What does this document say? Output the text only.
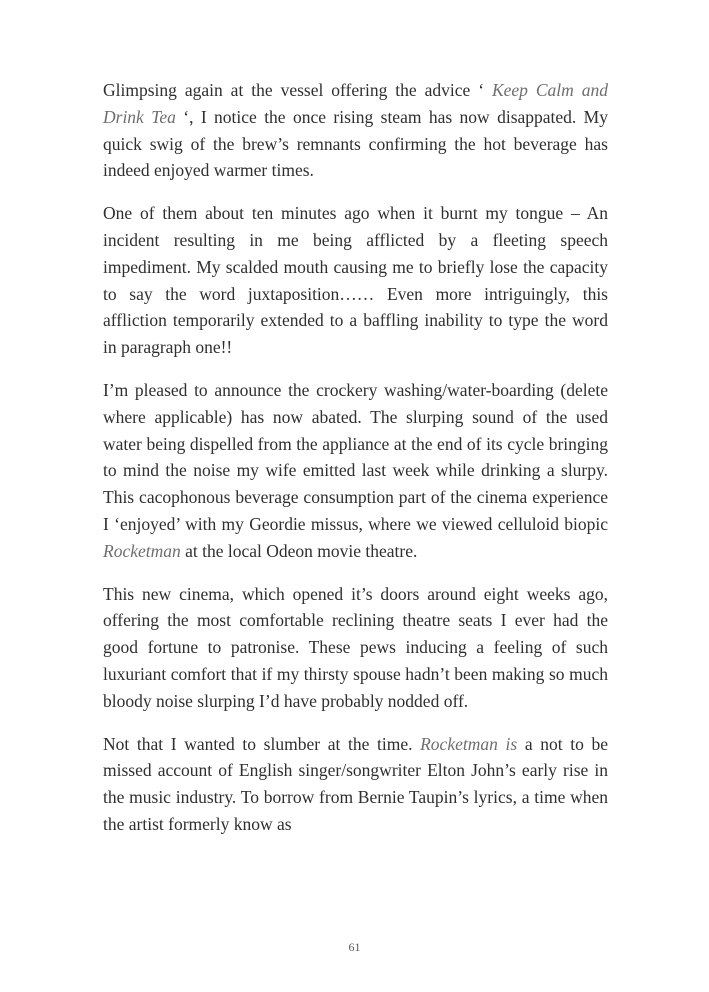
Glimpsing again at the vessel offering the advice ‘ Keep Calm and Drink Tea ‘, I notice the once rising steam has now disappated. My quick swig of the brew’s remnants confirming the hot beverage has indeed enjoyed warmer times.

One of them about ten minutes ago when it burnt my tongue – An incident resulting in me being afflicted by a fleeting speech impediment. My scalded mouth causing me to briefly lose the capacity to say the word juxtaposition…… Even more intriguingly, this affliction temporarily extended to a baffling inability to type the word in paragraph one!!

I’m pleased to announce the crockery washing/water-boarding (delete where applicable) has now abated. The slurping sound of the used water being dispelled from the appliance at the end of its cycle bringing to mind the noise my wife emitted last week while drinking a slurpy. This cacophonous beverage consumption part of the cinema experience I ‘enjoyed’ with my Geordie missus, where we viewed celluloid biopic Rocketman at the local Odeon movie theatre.

This new cinema, which opened it’s doors around eight weeks ago, offering the most comfortable reclining theatre seats I ever had the good fortune to patronise. These pews inducing a feeling of such luxuriant comfort that if my thirsty spouse hadn’t been making so much bloody noise slurping I’d have probably nodded off.

Not that I wanted to slumber at the time. Rocketman is a not to be missed account of English singer/songwriter Elton John’s early rise in the music industry. To borrow from Bernie Taupin’s lyrics, a time when the artist formerly know as

61
